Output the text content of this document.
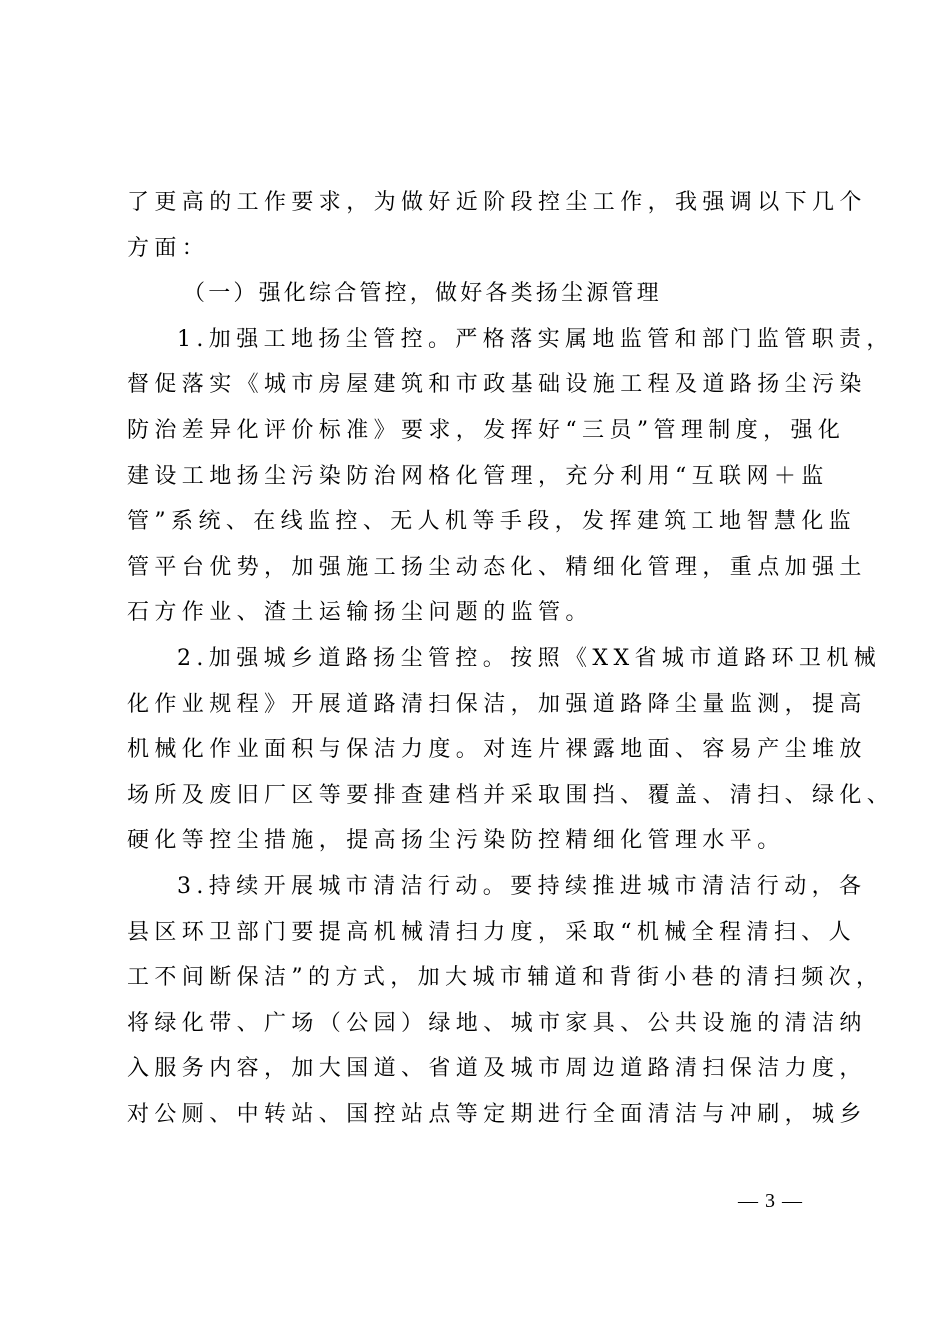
了更高的工作要求，为做好近阶段控尘工作，我强调以下几个
方面：
（一）强化综合管控，做好各类扬尘源管理
1.加强工地扬尘管控。严格落实属地监管和部门监管职责，
督促落实《城市房屋建筑和市政基础设施工程及道路扬尘污染
防治差异化评价标准》要求，发挥好“三员”管理制度，强化
建设工地扬尘污染防治网格化管理，充分利用“互联网＋监
管”系统、在线监控、无人机等手段，发挥建筑工地智慧化监
管平台优势，加强施工扬尘动态化、精细化管理，重点加强土
石方作业、渣土运输扬尘问题的监管。
2.加强城乡道路扬尘管控。按照《XX省城市道路环卫机械
化作业规程》开展道路清扫保洁，加强道路降尘量监测，提高
机械化作业面积与保洁力度。对连片裸露地面、容易产尘堆放
场所及废旧厂区等要排查建档并采取围挡、覆盖、清扫、绿化、
硬化等控尘措施，提高扬尘污染防控精细化管理水平。
3.持续开展城市清洁行动。要持续推进城市清洁行动，各
县区环卫部门要提高机械清扫力度，采取“机械全程清扫、人
工不间断保洁”的方式，加大城市辅道和背街小巷的清扫频次，
将绿化带、广场（公园）绿地、城市家具、公共设施的清洁纳
入服务内容，加大国道、省道及城市周边道路清扫保洁力度，
对公厕、中转站、国控站点等定期进行全面清洁与冲刷，城乡
— 3 —
